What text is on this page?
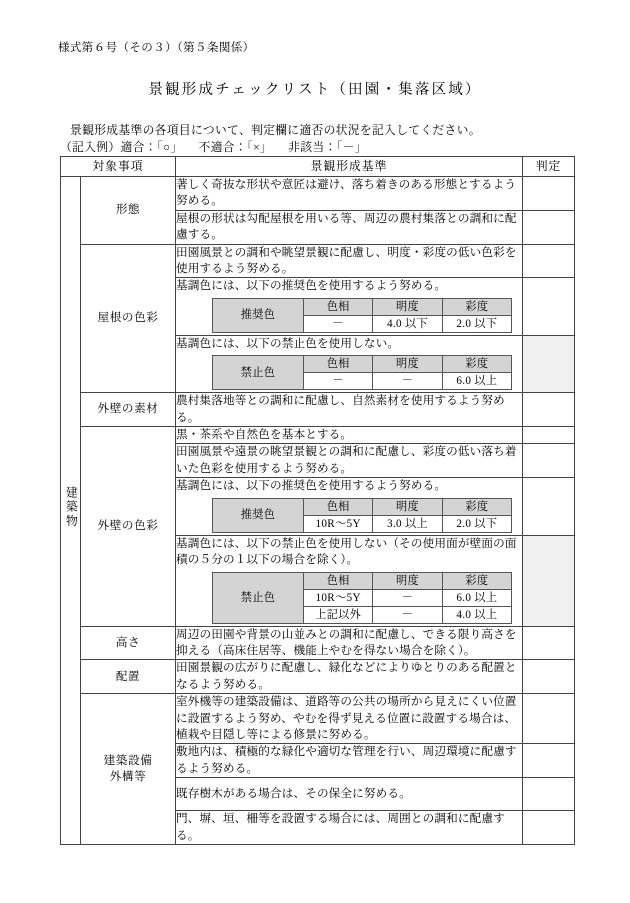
様式第６号（その３）（第５条関係）
景観形成チェックリスト（田園・集落区域）
景観形成基準の各項目について、判定欄に適否の状況を記入してください。
（記入例）適合：「○」 不適合：「×」 非該当：「－」
対象事項	景観形成基準	判定
建築物	形態	著しく奇抜な形状や意匠は避け、落ち着きのある形態とするよう努める。	
屋根の形状は勾配屋根を用いる等、周辺の農村集落との調和に配慮する。	
屋根の色彩	田園風景との調和や眺望景観に配慮し、明度・彩度の低い色彩を使用するよう努める。	

基調色には、以下の推奨色を使用するよう努める。
推奨色	色相	明度	彩度
－	4.0 以下	2.0 以下

基調色には、以下の禁止色を使用しない。
禁止色	色相	明度	彩度
－	－	6.0 以上

外壁の素材	農村集落地等との調和に配慮し、自然素材を使用するよう努める。	
外壁の色彩	黒・茶系や自然色を基本とする。	
田園風景や遠景の眺望景観との調和に配慮し、彩度の低い落ち着いた色彩を使用するよう努める。	

基調色には、以下の推奨色を使用するよう努める。
推奨色	色相	明度	彩度
10R〜5Y	3.0 以上	2.0 以下

基調色には、以下の禁止色を使用しない（その使用面が壁面の面積の５分の１以下の場合を除く）。
禁止色	色相	明度	彩度
10R〜5Y	－	6.0 以上
上記以外	－	4.0 以上

高さ	周辺の田園や背景の山並みとの調和に配慮し、できる限り高さを抑える（高床住居等、機能上やむを得ない場合を除く）。	
配置	田園景観の広がりに配慮し、緑化などによりゆとりのある配置となるよう努める。	

建築設備
外構等
	室外機等の建築設備は、道路等の公共の場所から見えにくい位置に設置するよう努め、やむを得ず見える位置に設置する場合は、植栽や目隠し等による修景に努める。	
敷地内は、積極的な緑化や適切な管理を行い、周辺環境に配慮するよう努める。	
既存樹木がある場合は、その保全に努める。	
門、塀、垣、柵等を設置する場合には、周囲との調和に配慮する。	
